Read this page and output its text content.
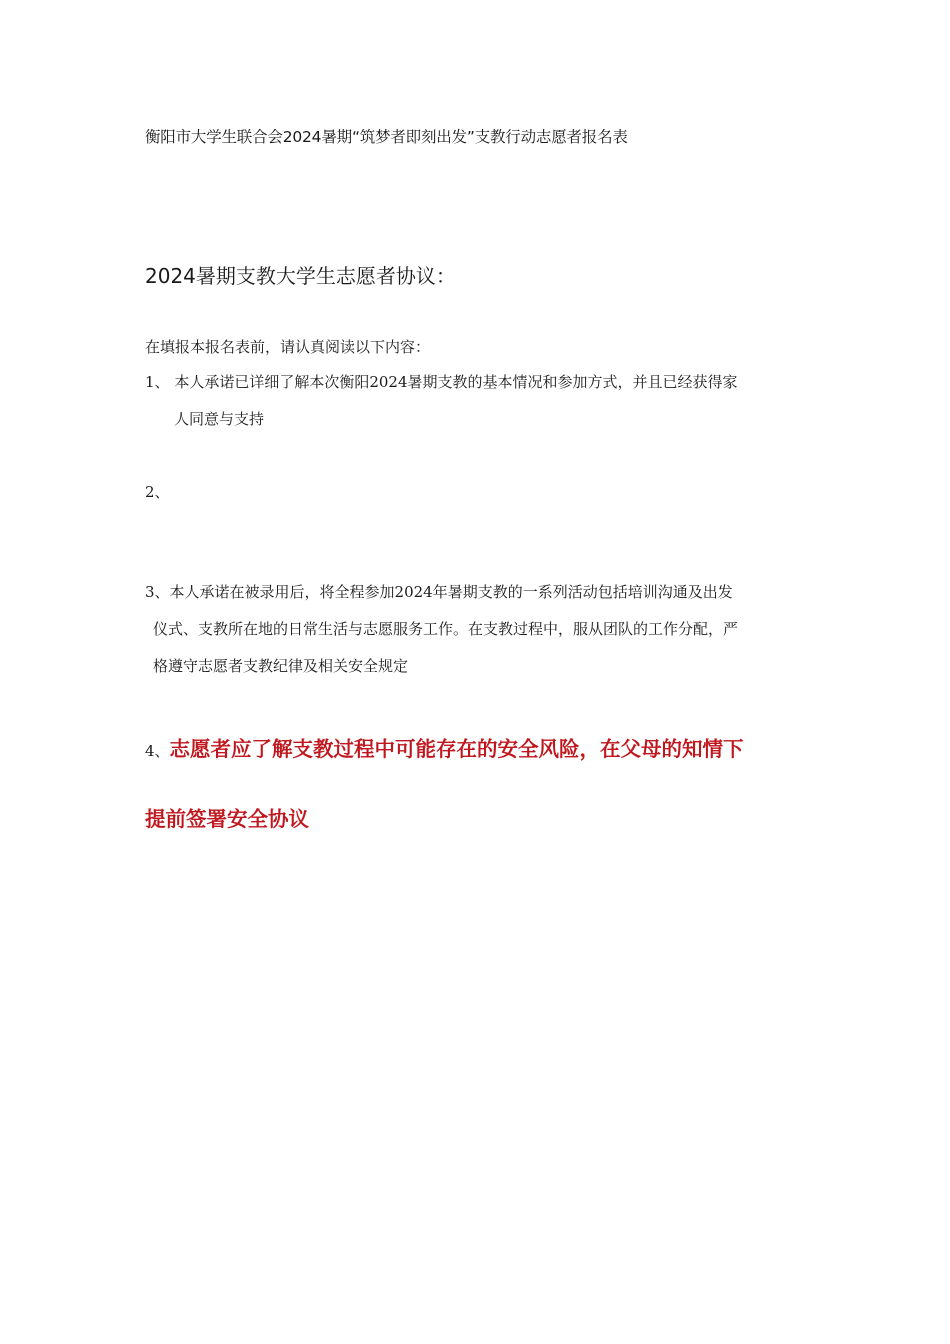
衡阳市大学生联合会2024暑期“筑梦者即刻出发”支教行动志愿者报名表
2024暑期支教大学生志愿者协议：
在填报本报名表前，请认真阅读以下内容：
1、 本人承诺已详细了解本次衡阳2024暑期支教的基本情况和参加方式，并且已经获得家
人同意与支持
2、
3、本人承诺在被录用后，将全程参加2024年暑期支教的一系列活动包括培训沟通及出发
仪式、支教所在地的日常生活与志愿服务工作。在支教过程中，服从团队的工作分配，严
格遵守志愿者支教纪律及相关安全规定
4、志愿者应了解支教过程中可能存在的安全风险，在父母的知情下
提前签署安全协议
